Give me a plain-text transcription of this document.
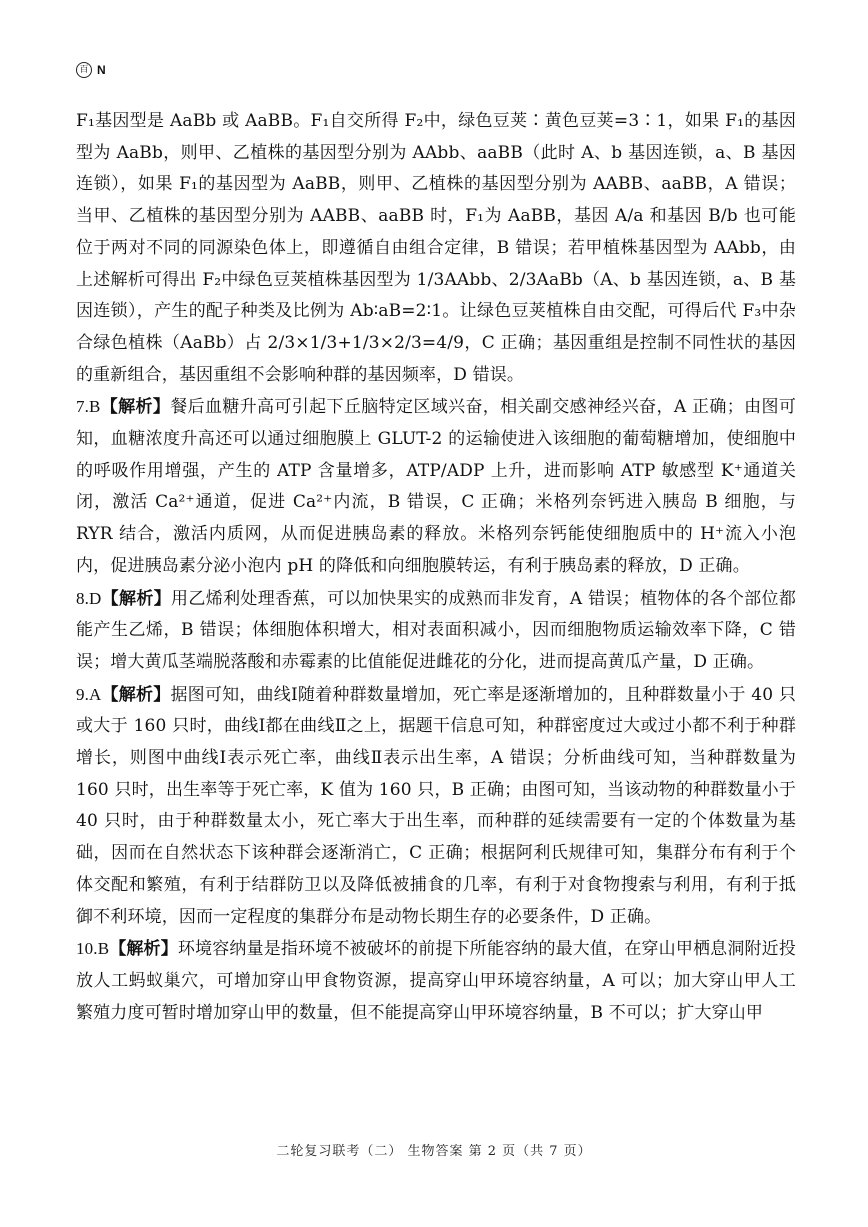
百 N

F₁基因型是 AaBb 或 AaBB。F₁自交所得 F₂中，绿色豆荚∶黄色豆荚=3∶1，如果 F₁的基因型为 AaBb，则甲、乙植株的基因型分别为 AAbb、aaBB（此时 A、b 基因连锁，a、B 基因连锁），如果 F₁的基因型为 AaBB，则甲、乙植株的基因型分别为 AABB、aaBB，A 错误；当甲、乙植株的基因型分别为 AABB、aaBB 时，F₁为 AaBB，基因 A/a 和基因 B/b 也可能位于两对不同的同源染色体上，即遵循自由组合定律，B 错误；若甲植株基因型为 AAbb，由上述解析可得出 F₂中绿色豆荚植株基因型为 1/3AAbb、2/3AaBb（A、b 基因连锁，a、B 基因连锁），产生的配子种类及比例为 Ab∶aB=2∶1。让绿色豆荚植株自由交配，可得后代 F₃中杂合绿色植株（AaBb）占 2/3×1/3+1/3×2/3=4/9，C 正确；基因重组是控制不同性状的基因的重新组合，基因重组不会影响种群的基因频率，D 错误。

7.B【解析】餐后血糖升高可引起下丘脑特定区域兴奋，相关副交感神经兴奋，A 正确；由图可知，血糖浓度升高还可以通过细胞膜上 GLUT-2 的运输使进入该细胞的葡萄糖增加，使细胞中的呼吸作用增强，产生的 ATP 含量增多，ATP/ADP 上升，进而影响 ATP 敏感型 K⁺通道关闭，激活 Ca²⁺通道，促进 Ca²⁺内流，B 错误，C 正确；米格列奈钙进入胰岛 B 细胞，与 RYR 结合，激活内质网，从而促进胰岛素的释放。米格列奈钙能使细胞质中的 H⁺流入小泡内，促进胰岛素分泌小泡内 pH 的降低和向细胞膜转运，有利于胰岛素的释放，D 正确。

8.D【解析】用乙烯利处理香蕉，可以加快果实的成熟而非发育，A 错误；植物体的各个部位都能产生乙烯，B 错误；体细胞体积增大，相对表面积减小，因而细胞物质运输效率下降，C 错误；增大黄瓜茎端脱落酸和赤霉素的比值能促进雌花的分化，进而提高黄瓜产量，D 正确。

9.A【解析】据图可知，曲线Ⅰ随着种群数量增加，死亡率是逐渐增加的，且种群数量小于 40 只或大于 160 只时，曲线Ⅰ都在曲线Ⅱ之上，据题干信息可知，种群密度过大或过小都不利于种群增长，则图中曲线Ⅰ表示死亡率，曲线Ⅱ表示出生率，A 错误；分析曲线可知，当种群数量为 160 只时，出生率等于死亡率，K 值为 160 只，B 正确；由图可知，当该动物的种群数量小于 40 只时，由于种群数量太小，死亡率大于出生率，而种群的延续需要有一定的个体数量为基础，因而在自然状态下该种群会逐渐消亡，C 正确；根据阿利氏规律可知，集群分布有利于个体交配和繁殖，有利于结群防卫以及降低被捕食的几率，有利于对食物搜索与利用，有利于抵御不利环境，因而一定程度的集群分布是动物长期生存的必要条件，D 正确。

10.B【解析】环境容纳量是指环境不被破坏的前提下所能容纳的最大值，在穿山甲栖息洞附近投放人工蚂蚁巢穴，可增加穿山甲食物资源，提高穿山甲环境容纳量，A 可以；加大穿山甲人工繁殖力度可暂时增加穿山甲的数量，但不能提高穿山甲环境容纳量，B 不可以；扩大穿山甲

二轮复习联考（二） 生物答案 第 2 页（共 7 页）
